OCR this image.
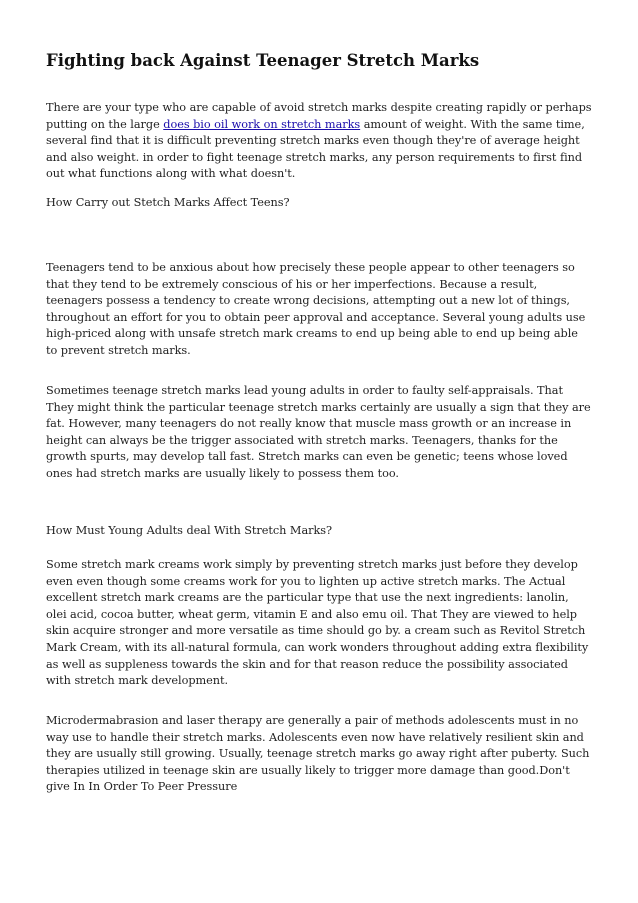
Fighting back Against Teenager Stretch Marks

There are your type who are capable of avoid stretch marks despite creating rapidly or perhaps putting on the large does bio oil work on stretch marks amount of weight. With the same time, several find that it is difficult preventing stretch marks even though they're of average height and also weight. in order to fight teenage stretch marks, any person requirements to first find out what functions along with what doesn't.

How Carry out Stetch Marks Affect Teens?

Teenagers tend to be anxious about how precisely these people appear to other teenagers so that they tend to be extremely conscious of his or her imperfections. Because a result, teenagers possess a tendency to create wrong decisions, attempting out a new lot of things, throughout an effort for you to obtain peer approval and acceptance. Several young adults use high-priced along with unsafe stretch mark creams to end up being able to end up being able to prevent stretch marks.

Sometimes teenage stretch marks lead young adults in order to faulty self-appraisals. That They might think the particular teenage stretch marks certainly are usually a sign that they are fat. However, many teenagers do not really know that muscle mass growth or an increase in height can always be the trigger associated with stretch marks. Teenagers, thanks for the growth spurts, may develop tall fast. Stretch marks can even be genetic; teens whose loved ones had stretch marks are usually likely to possess them too.

How Must Young Adults deal With Stretch Marks?

Some stretch mark creams work simply by preventing stretch marks just before they develop even even though some creams work for you to lighten up active stretch marks. The Actual excellent stretch mark creams are the particular type that use the next ingredients: lanolin, olei acid, cocoa butter, wheat germ, vitamin E and also emu oil. That They are viewed to help skin acquire stronger and more versatile as time should go by. a cream such as Revitol Stretch Mark Cream, with its all-natural formula, can work wonders throughout adding extra flexibility as well as suppleness towards the skin and for that reason reduce the possibility associated with stretch mark development.

Microdermabrasion and laser therapy are generally a pair of methods adolescents must in no way use to handle their stretch marks. Adolescents even now have relatively resilient skin and they are usually still growing. Usually, teenage stretch marks go away right after puberty. Such therapies utilized in teenage skin are usually likely to trigger more damage than good.Don't give In In Order To Peer Pressure
